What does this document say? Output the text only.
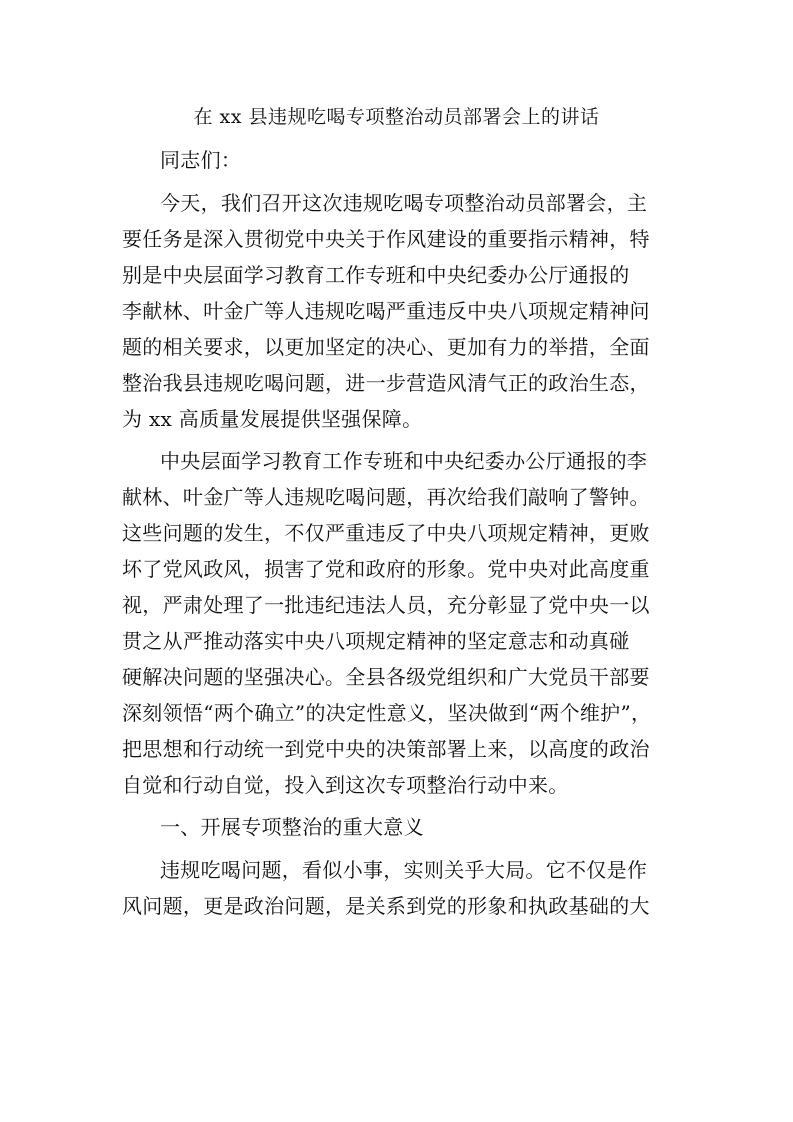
在 xx 县违规吃喝专项整治动员部署会上的讲话
同志们：
今天，我们召开这次违规吃喝专项整治动员部署会，主
要任务是深入贯彻党中央关于作风建设的重要指示精神，特
别是中央层面学习教育工作专班和中央纪委办公厅通报的
李献林、叶金广等人违规吃喝严重违反中央八项规定精神问
题的相关要求，以更加坚定的决心、更加有力的举措，全面
整治我县违规吃喝问题，进一步营造风清气正的政治生态，
为 xx 高质量发展提供坚强保障。
中央层面学习教育工作专班和中央纪委办公厅通报的李
献林、叶金广等人违规吃喝问题，再次给我们敲响了警钟。
这些问题的发生，不仅严重违反了中央八项规定精神，更败
坏了党风政风，损害了党和政府的形象。党中央对此高度重
视，严肃处理了一批违纪违法人员，充分彰显了党中央一以
贯之从严推动落实中央八项规定精神的坚定意志和动真碰
硬解决问题的坚强决心。全县各级党组织和广大党员干部要
深刻领悟“两个确立”的决定性意义，坚决做到“两个维护”，
把思想和行动统一到党中央的决策部署上来，以高度的政治
自觉和行动自觉，投入到这次专项整治行动中来。
一、开展专项整治的重大意义
违规吃喝问题，看似小事，实则关乎大局。它不仅是作
风问题，更是政治问题，是关系到党的形象和执政基础的大
